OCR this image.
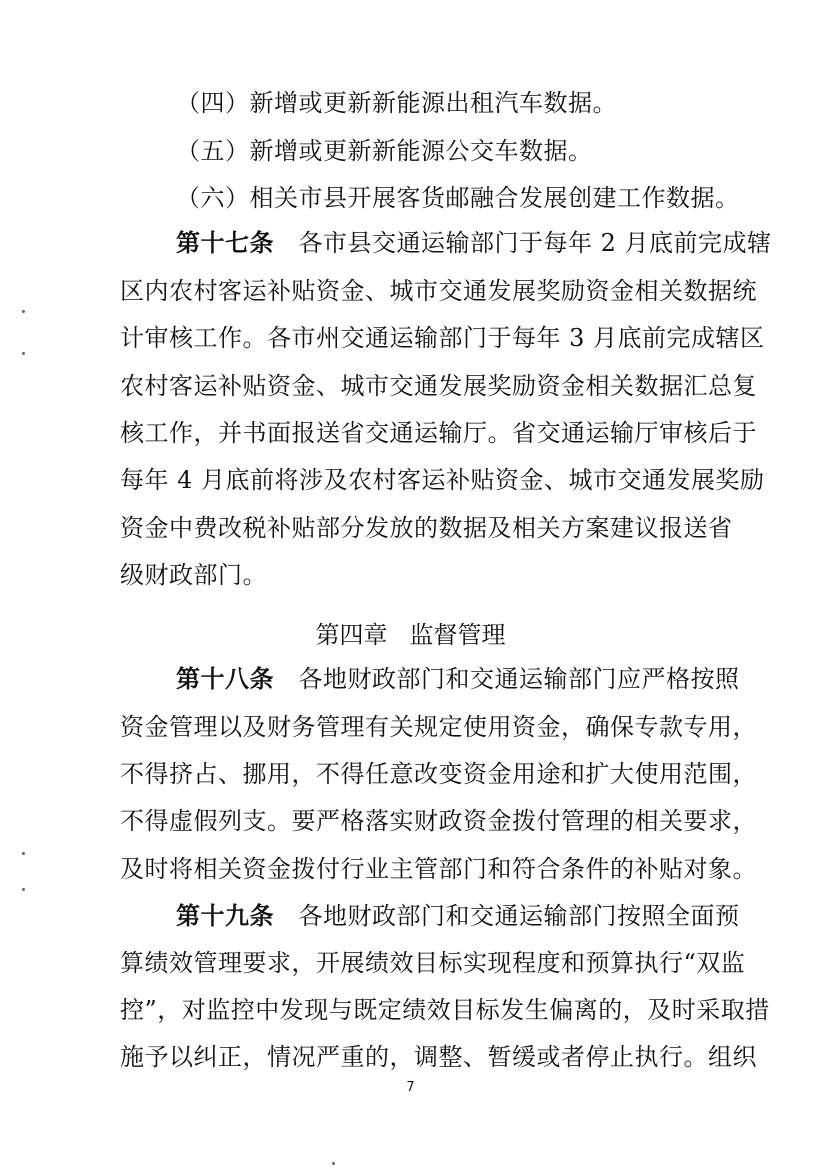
（四）新增或更新新能源出租汽车数据。
（五）新增或更新新能源公交车数据。
（六）相关市县开展客货邮融合发展创建工作数据。
第十七条　 各市县交通运输部门于每年 2 月底前完成辖
区内农村客运补贴资金、城市交通发展奖励资金相关数据统
计审核工作。各市州交通运输部门于每年 3 月底前完成辖区
农村客运补贴资金、城市交通发展奖励资金相关数据汇总复
核工作，并书面报送省交通运输厅。省交通运输厅审核后于
每年 4 月底前将涉及农村客运补贴资金、城市交通发展奖励
资金中费改税补贴部分发放的数据及相关方案建议报送省
级财政部门。
第四章 监督管理
第十八条　 各地财政部门和交通运输部门应严格按照
资金管理以及财务管理有关规定使用资金，确保专款专用，
不得挤占、挪用，不得任意改变资金用途和扩大使用范围，
不得虚假列支。要严格落实财政资金拨付管理的相关要求，
及时将相关资金拨付行业主管部门和符合条件的补贴对象。
第十九条　 各地财政部门和交通运输部门按照全面预
算绩效管理要求，开展绩效目标实现程度和预算执行“双监
控”，对监控中发现与既定绩效目标发生偏离的，及时采取措
施予以纠正，情况严重的，调整、暂缓或者停止执行。组织
7
